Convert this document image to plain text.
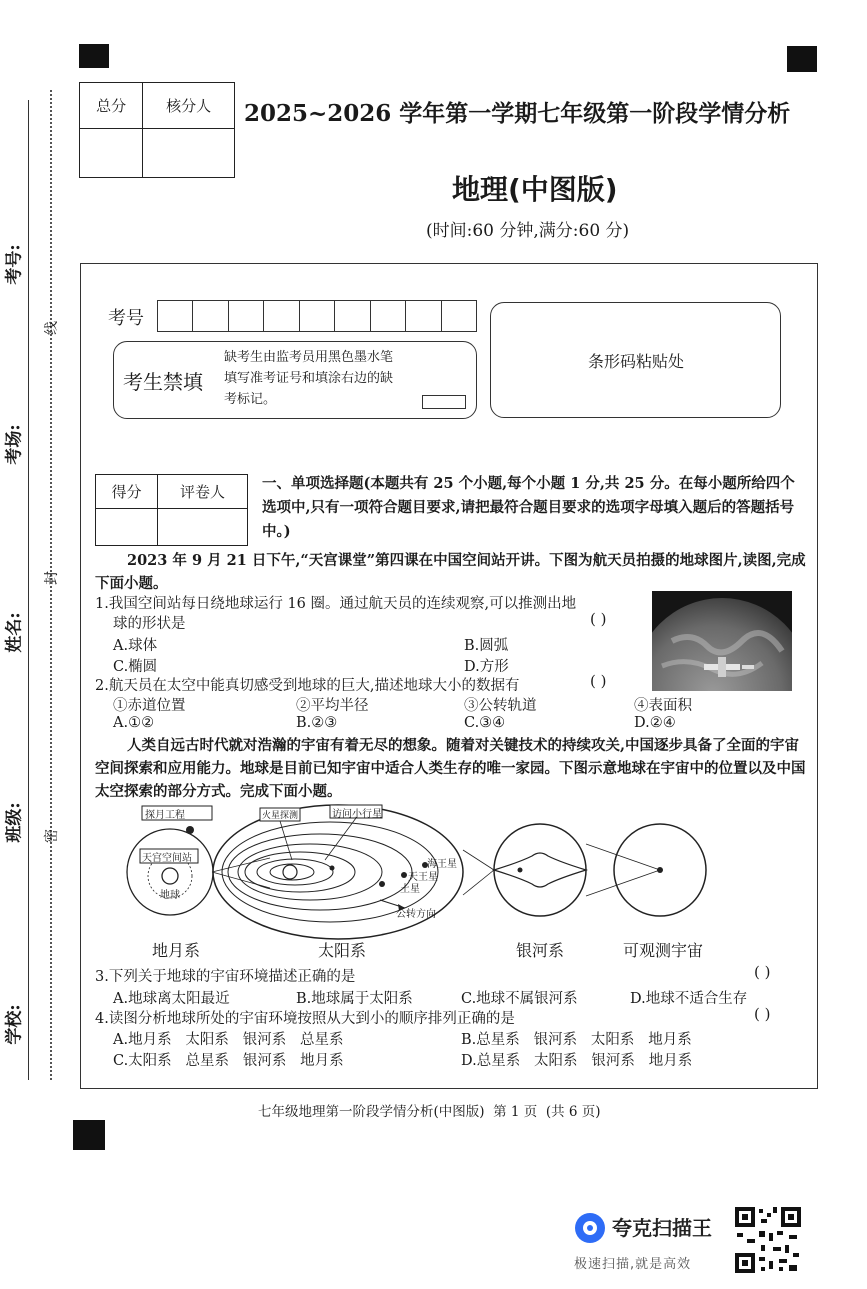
考号:
考场:
姓名:
班级:
学校:
线
封
密
总分	核分人
	2025~2026 学年第一学期七年级第一阶段学情分析
地理(中图版)
(时间:60 分钟,满分:60 分)
考号
考生禁填
缺考生由监考员用黑色墨水笔填写准考证号和填涂右边的缺考标记。
条形码粘贴处
得分	评卷人
		一、单项选择题(本题共有 25 个小题,每个小题 1 分,共 25 分。在每小题所给四个选项中,只有一项符合题目要求,请把最符合题目要求的选项字母填入题后的答题括号中。)
2023 年 9 月 21 日下午,“天宫课堂”第四课在中国空间站开讲。下图为航天员拍摄的地球图片,读图,完成下面小题。
1.我国空间站每日绕地球运行 16 圈。通过航天员的连续观察,可以推测出地
球的形状是	( )
A.球体	B.圆弧
C.椭圆	D.方形
2.航天员在太空中能真切感受到地球的巨大,描述地球大小的数据有	( )
①赤道位置	②平均半径	③公转轨道	④表面积
A.①②	B.②③	C.③④	D.②④
人类自远古时代就对浩瀚的宇宙有着无尽的想象。随着对关键技术的持续攻关,中国逐步具备了全面的宇宙空间探索和应用能力。地球是目前已知宇宙中适合人类生存的唯一家园。下图示意地球在宇宙中的位置以及中国太空探索的部分方式。完成下面小题。
探月工程
天宫空间站
地球
火星探测	访问小行星
海王星
天王星
土星
公转方向
地月系	太阳系	银河系	可观测宇宙
3.下列关于地球的宇宙环境描述正确的是	( )
A.地球离太阳最近	B.地球属于太阳系	C.地球不属银河系	D.地球不适合生存
4.读图分析地球所处的宇宙环境按照从大到小的顺序排列正确的是	( )
A.地月系   太阳系   银河系   总星系	B.总星系   银河系   太阳系   地月系
C.太阳系   总星系   银河系   地月系	D.总星系   太阳系   银河系   地月系
七年级地理第一阶段学情分析(中图版)  第 1 页  (共 6 页)
夸克扫描王
极速扫描,就是高效
